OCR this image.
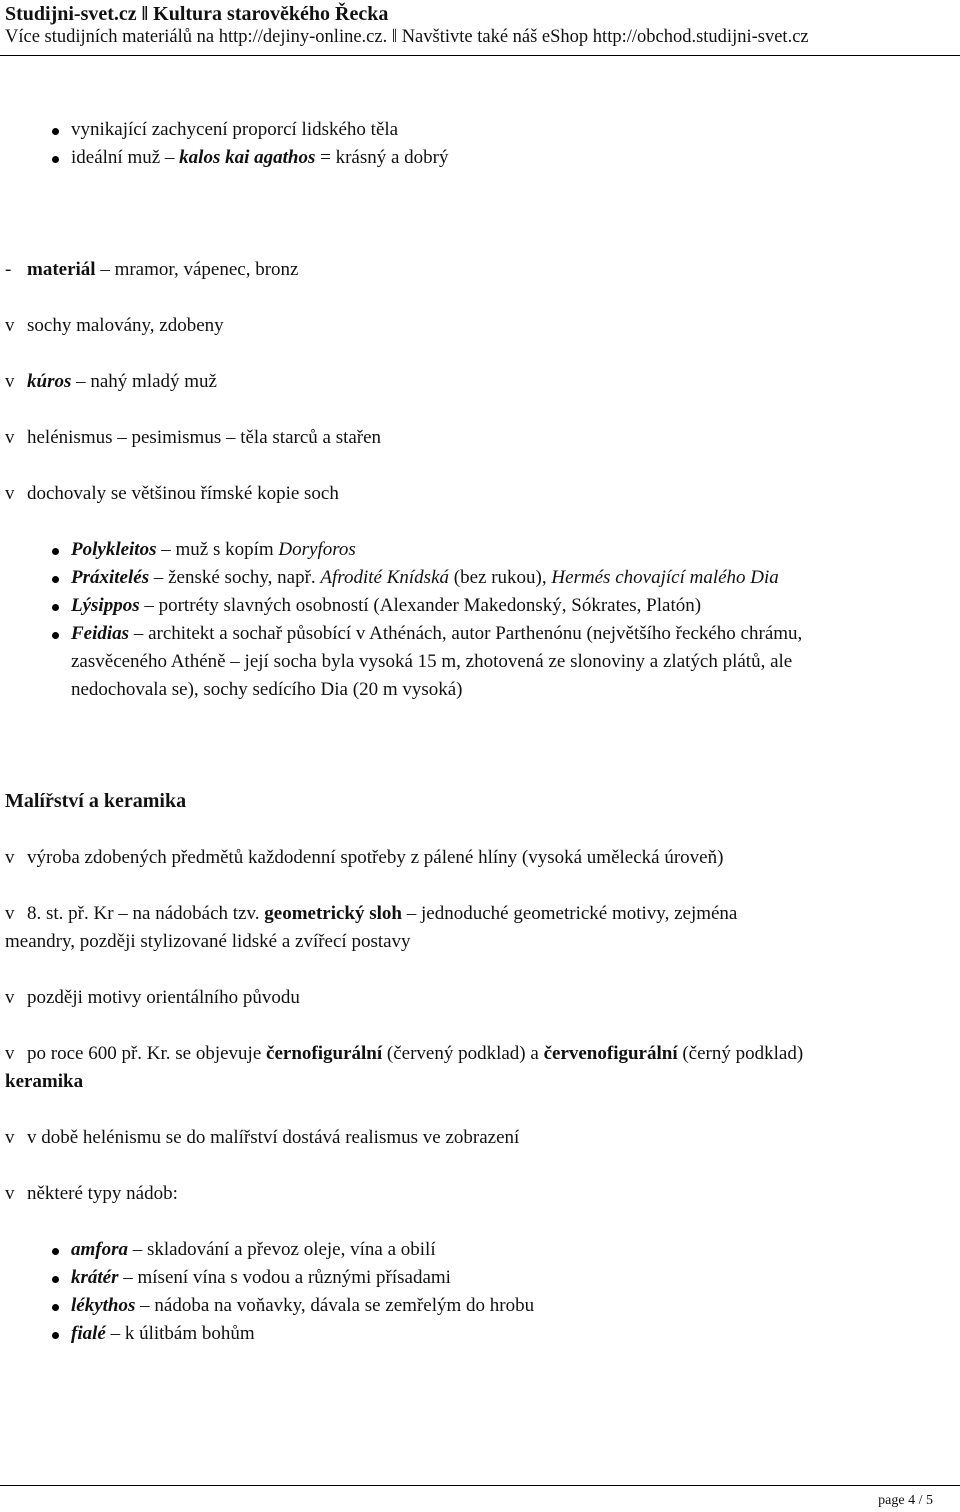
Studijni-svet.cz ǁ Kultura starověkého Řecka
Více studijních materiálů na http://dejiny-online.cz. ǁ Navštivte také náš eShop http://obchod.studijni-svet.cz
vynikající zachycení proporcí lidského těla
ideální muž – kalos kai agathos = krásný a dobrý
- materiál – mramor, vápenec, bronz
v sochy malovány, zdobeny
v kúros – nahý mladý muž
v helénismus – pesimismus – těla starců a stařen
v dochovaly se většinou římské kopie soch
Polykleitos – muž s kopím Doryforos
Práxitelés – ženské sochy, např. Afrodité Knídská (bez rukou), Hermés chovající malého Dia
Lýsippos – portréty slavných osobností (Alexander Makedonský, Sókrates, Platón)
Feidias – architekt a sochař působící v Athénách, autor Parthenónu (největšího řeckého chrámu,
zasvěceného Athéně – její socha byla vysoká 15 m, zhotovená ze slonoviny a zlatých plátů, ale
nedochovala se), sochy sedícího Dia (20 m vysoká)
Malířství a keramika
v výroba zdobených předmětů každodenní spotřeby z pálené hlíny (vysoká umělecká úroveň)
v 8. st. př. Kr – na nádobách tzv. geometrický sloh – jednoduché geometrické motivy, zejména
meandry, později stylizované lidské a zvířecí postavy
v později motivy orientálního původu
v po roce 600 př. Kr. se objevuje černofigurální (červený podklad) a červenofigurální (černý podklad)
keramika
v v době helénismu se do malířství dostává realismus ve zobrazení
v některé typy nádob:
amfora – skladování a převoz oleje, vína a obilí
krátér – mísení vína s vodou a různými přísadami
lékythos – nádoba na voňavky, dávala se zemřelým do hrobu
fialé – k úlitbám bohům
page 4 / 5
